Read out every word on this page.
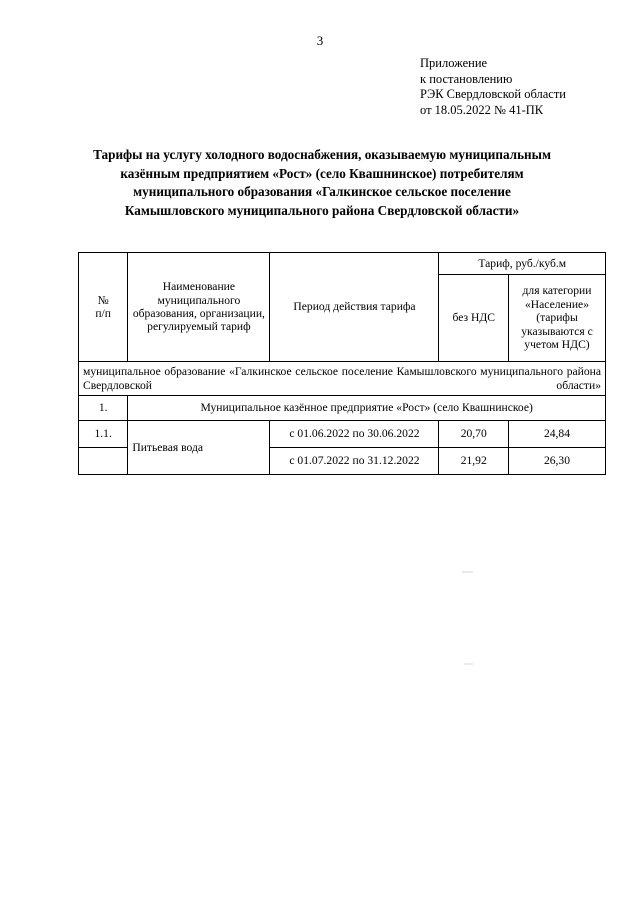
3
Приложение
к постановлению
РЭК Свердловской области
от 18.05.2022 № 41-ПК
Тарифы на услугу холодного водоснабжения, оказываемую муниципальным
казённым предприятием «Рост» (село Квашнинское) потребителям
муниципального образования «Галкинское сельское поселение
Камышловского муниципального района Свердловской области»
№
п/п	Наименование муниципального образования, организации, регулируемый тариф	Период действия тарифа	Тариф, руб./куб.м	
			без НДС	для категории «Население» (тарифы указываются с учетом НДС)
муниципальное образование «Галкинское сельское поселение Камышловского муниципального района Свердловской области»				
1.	Муниципальное казённое предприятие «Рост» (село Квашнинское)			
1.1.	Питьевая вода	с 01.06.2022 по 30.06.2022	20,70	24,84
		с 01.07.2022 по 31.12.2022	21,92	26,30
